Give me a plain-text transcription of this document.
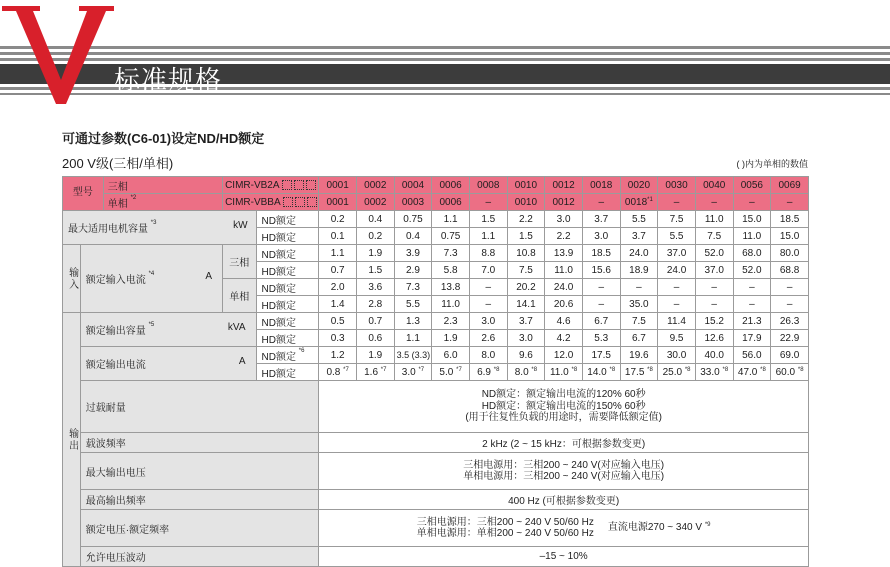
标准规格
可通过参数(C6-01)设定ND/HD额定
200 V级(三相/单相)	( )内为单相的数值
型号		三相	CIMR-VB2A		0001	0002	0004	0006	0008	0010	0012	0018	0020	0030	0040	0056	0069
		单相 $^{*2}$	CIMR-VBBA		0001	0002	0003	0006	–	0010	0012	–	0018$^{*1}$	–	–	–	–
最大适用电机容量 $^{*3}$ kW				ND额定	0.2	0.4	0.75	1.1	1.5	2.2	3.0	3.7	5.5	7.5	11.0	15.0	18.5
				HD额定	0.1	0.2	0.4	0.75	1.1	1.5	2.2	3.0	3.7	5.5	7.5	11.0	15.0
输入	额定输入电流 $^{*4}$ A		三相	ND额定	1.1	1.9	3.9	7.3	8.8	10.8	13.9	18.5	24.0	37.0	52.0	68.0	80.0
				HD额定	0.7	1.5	2.9	5.8	7.0	7.5	11.0	15.6	18.9	24.0	37.0	52.0	68.8
			单相	ND额定	2.0	3.6	7.3	13.8	–	20.2	24.0	–	–	–	–	–	–
				HD额定	1.4	2.8	5.5	11.0	–	14.1	20.6	–	35.0	–	–	–	–
输出	额定输出容量 $^{*5}$ kVA			ND额定	0.5	0.7	1.3	2.3	3.0	3.7	4.6	6.7	7.5	11.4	15.2	21.3	26.3
				HD额定	0.3	0.6	1.1	1.9	2.6	3.0	4.2	5.3	6.7	9.5	12.6	17.9	22.9
	额定输出电流 A			ND额定 $^{*6}$	1.2	1.9	3.5 (3.3)	6.0	8.0	9.6	12.0	17.5	19.6	30.0	40.0	56.0	69.0
				HD额定	0.8 $^{*7}$	1.6 $^{*7}$	3.0 $^{*7}$	5.0 $^{*7}$	6.9 $^{*8}$	8.0 $^{*8}$	11.0 $^{*8}$	14.0 $^{*8}$	17.5 $^{*8}$	25.0 $^{*8}$	33.0 $^{*8}$	47.0 $^{*8}$	60.0 $^{*8}$
	过载耐量				ND额定：额定输出电流的120% 60秒
HD额定：额定输出电流的150% 60秒
(用于往复性负载的用途时，需要降低额定值)												

	载波频率				2 kHz (2 ~ 15 kHz：可根据参数变更)												
	最大输出电压				三相电源用：三相200 ~ 240 V(对应输入电压)
单相电源用：三相200 ~ 240 V(对应输入电压)												

	最高输出频率				400 Hz (可根据参数变更)												
	额定电压·额定频率				三相电源用：三相200 ~ 240 V 50/60 Hz
单相电源用：单相200 ~ 240 V 50/60 Hz
直流电源270 ~ 340 V $^{*9}$
	允许电压波动				–15 ~ 10%												
